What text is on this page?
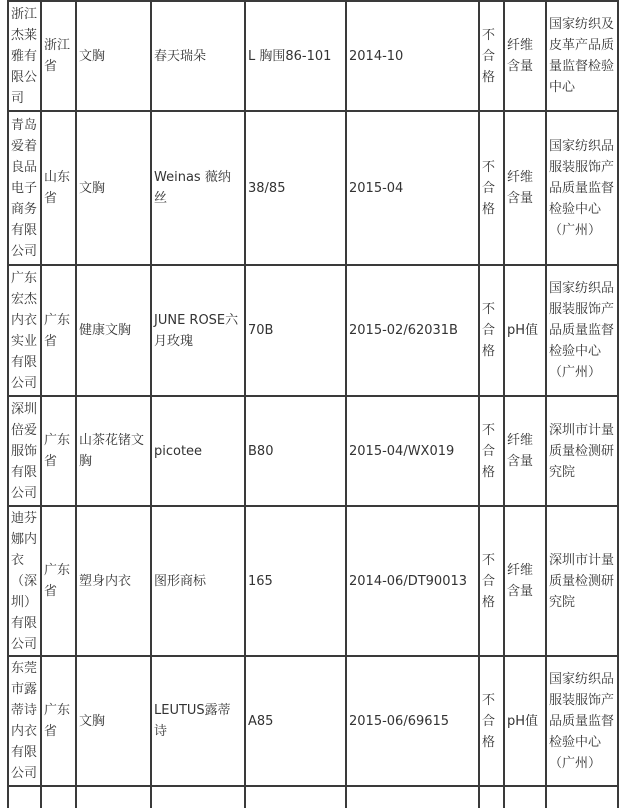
浙江杰莱雅有限公司	浙江省	文胸	春天瑞朵	L 胸围86-101	2014-10	不合格	纤维含量	国家纺织及皮革产品质量监督检验中心
青岛爱着良品电子商务有限公司	山东省	文胸	Weinas 薇纳丝	38/85	2015-04	不合格	纤维含量	国家纺织品服装服饰产品质量监督检验中心（广州）
广东宏杰内衣实业有限公司	广东省	健康文胸	JUNE ROSE六月玫瑰	70B	2015-02/62031B	不合格	pH值	国家纺织品服装服饰产品质量监督检验中心（广州）
深圳倍爱服饰有限公司	广东省	山茶花锗文胸	picotee	B80	2015-04/WX019	不合格	纤维含量	深圳市计量质量检测研究院
迪芬娜内衣（深圳）有限公司	广东省	塑身内衣	图形商标	165	2014-06/DT90013	不合格	纤维含量	深圳市计量质量检测研究院
东莞市露蒂诗内衣有限公司	广东省	文胸	LEUTUS露蒂诗	A85	2015-06/69615	不合格	pH值	国家纺织品服装服饰产品质量监督检验中心（广州）
